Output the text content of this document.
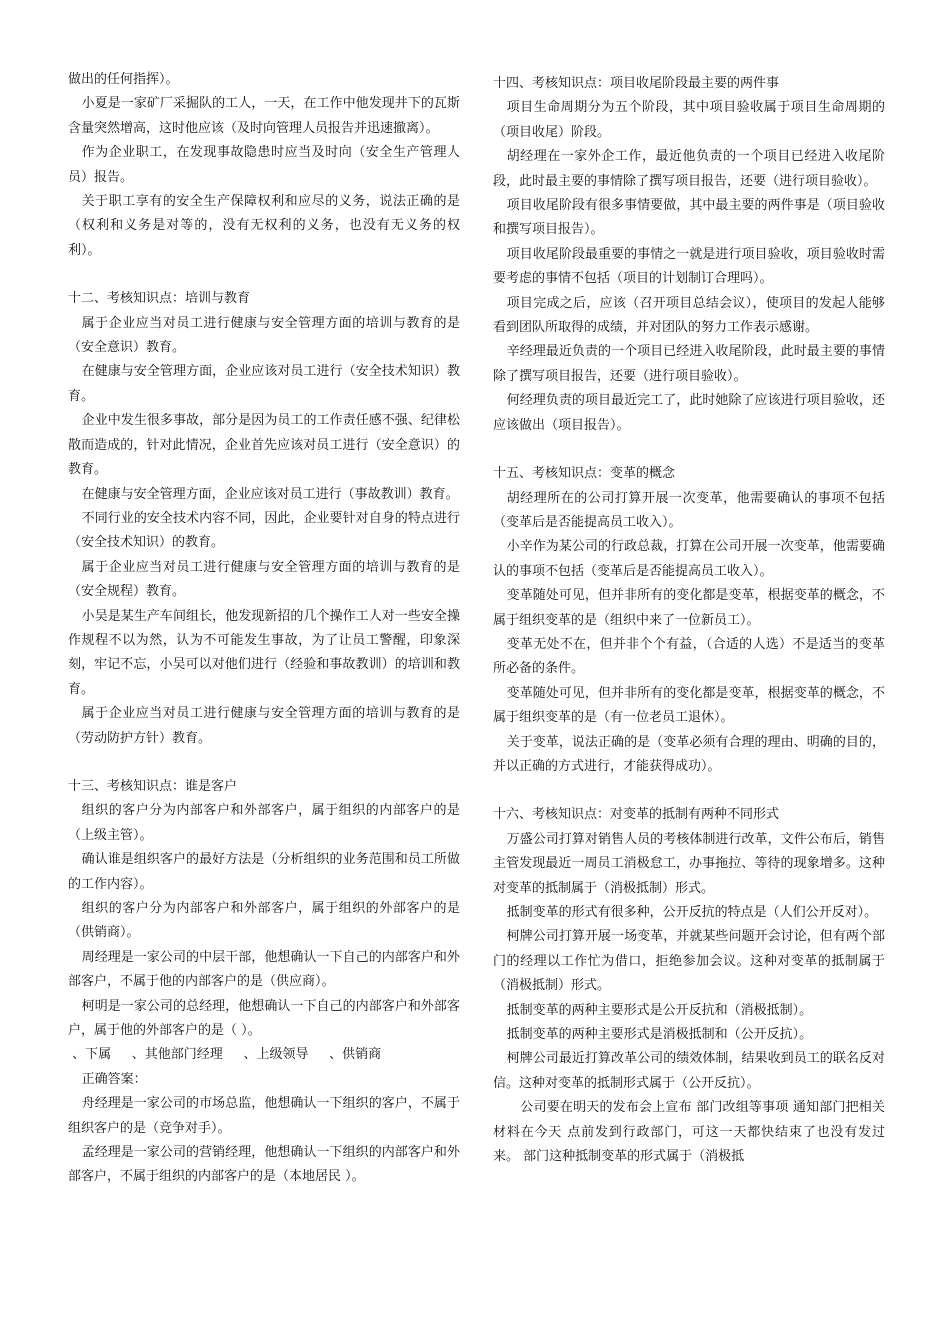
做出的任何指挥）。

小夏是一家矿厂采掘队的工人，一天，在工作中他发现井下的瓦斯含量突然增高，这时他应该（及时向管理人员报告并迅速撤离）。

作为企业职工，在发现事故隐患时应当及时向（安全生产管理人员）报告。

关于职工享有的安全生产保障权利和应尽的义务，说法正确的是（权利和义务是对等的，没有无权利的义务，也没有无义务的权利）。

十二、考核知识点：培训与教育

属于企业应当对员工进行健康与安全管理方面的培训与教育的是（安全意识）教育。

在健康与安全管理方面，企业应该对员工进行（安全技术知识）教育。

企业中发生很多事故，部分是因为员工的工作责任感不强、纪律松散而造成的，针对此情况，企业首先应该对员工进行（安全意识）的教育。

在健康与安全管理方面，企业应该对员工进行（事故教训）教育。

不同行业的安全技术内容不同，因此，企业要针对自身的特点进行（安全技术知识）的教育。

属于企业应当对员工进行健康与安全管理方面的培训与教育的是（安全规程）教育。

小吴是某生产车间组长，他发现新招的几个操作工人对一些安全操作规程不以为然，认为不可能发生事故，为了让员工警醒，印象深刻，牢记不忘，小吴可以对他们进行（经验和事故教训）的培训和教育。

属于企业应当对员工进行健康与安全管理方面的培训与教育的是（劳动防护方针）教育。

十三、考核知识点：谁是客户

组织的客户分为内部客户和外部客户，属于组织的内部客户的是（上级主管）。

确认谁是组织客户的最好方法是（分析组织的业务范围和员工所做的工作内容）。

组织的客户分为内部客户和外部客户，属于组织的外部客户的是（供销商）。

周经理是一家公司的中层干部，他想确认一下自己的内部客户和外部客户，不属于他的内部客户的是（供应商）。

柯明是一家公司的总经理，他想确认一下自己的内部客户和外部客户，属于他的外部客户的是（ ）。

、下属     、其他部门经理     、上级领导     、供销商

正确答案：

舟经理是一家公司的市场总监，他想确认一下组织的客户，不属于组织客户的是（竞争对手）。

孟经理是一家公司的营销经理，他想确认一下组织的内部客户和外部客户，不属于组织的内部客户的是（本地居民 ）。

十四、考核知识点：项目收尾阶段最主要的两件事

项目生命周期分为五个阶段，其中项目验收属于项目生命周期的（项目收尾）阶段。

胡经理在一家外企工作，最近他负责的一个项目已经进入收尾阶段，此时最主要的事情除了撰写项目报告，还要（进行项目验收）。

项目收尾阶段有很多事情要做，其中最主要的两件事是（项目验收和撰写项目报告）。

项目收尾阶段最重要的事情之一就是进行项目验收，项目验收时需要考虑的事情不包括（项目的计划制订合理吗）。

项目完成之后，应该（召开项目总结会议），使项目的发起人能够看到团队所取得的成绩，并对团队的努力工作表示感谢。

辛经理最近负责的一个项目已经进入收尾阶段，此时最主要的事情除了撰写项目报告，还要（进行项目验收）。

何经理负责的项目最近完工了，此时她除了应该进行项目验收，还应该做出（项目报告）。

十五、考核知识点：变革的概念

胡经理所在的公司打算开展一次变革，他需要确认的事项不包括（变革后是否能提高员工收入）。

小辛作为某公司的行政总裁，打算在公司开展一次变革，他需要确认的事项不包括（变革后是否能提高员工收入）。

变革随处可见，但并非所有的变化都是变革，根据变革的概念，不属于组织变革的是（组织中来了一位新员工）。

变革无处不在，但并非个个有益，（合适的人选）不是适当的变革所必备的条件。

变革随处可见，但并非所有的变化都是变革，根据变革的概念，不属于组织变革的是（有一位老员工退休）。

关于变革，说法正确的是（变革必须有合理的理由、明确的目的，并以正确的方式进行，才能获得成功）。

十六、考核知识点：对变革的抵制有两种不同形式

万盛公司打算对销售人员的考核体制进行改革，文件公布后，销售主管发现最近一周员工消极怠工，办事拖拉、等待的现象增多。这种对变革的抵制属于（消极抵制）形式。

抵制变革的形式有很多种，公开反抗的特点是（人们公开反对）。

柯牌公司打算开展一场变革，并就某些问题开会讨论，但有两个部门的经理以工作忙为借口，拒绝参加会议。这种对变革的抵制属于（消极抵制）形式。

抵制变革的两种主要形式是公开反抗和（消极抵制）。

抵制变革的两种主要形式是消极抵制和（公开反抗）。

柯牌公司最近打算改革公司的绩效体制，结果收到员工的联名反对信。这种对变革的抵制形式属于（公开反抗）。

公司要在明天的发布会上宣布 部门改组等事项 通知部门把相关材料在今天 点前发到行政部门，可这一天都快结束了也没有发过来。 部门这种抵制变革的形式属于（消极抵
